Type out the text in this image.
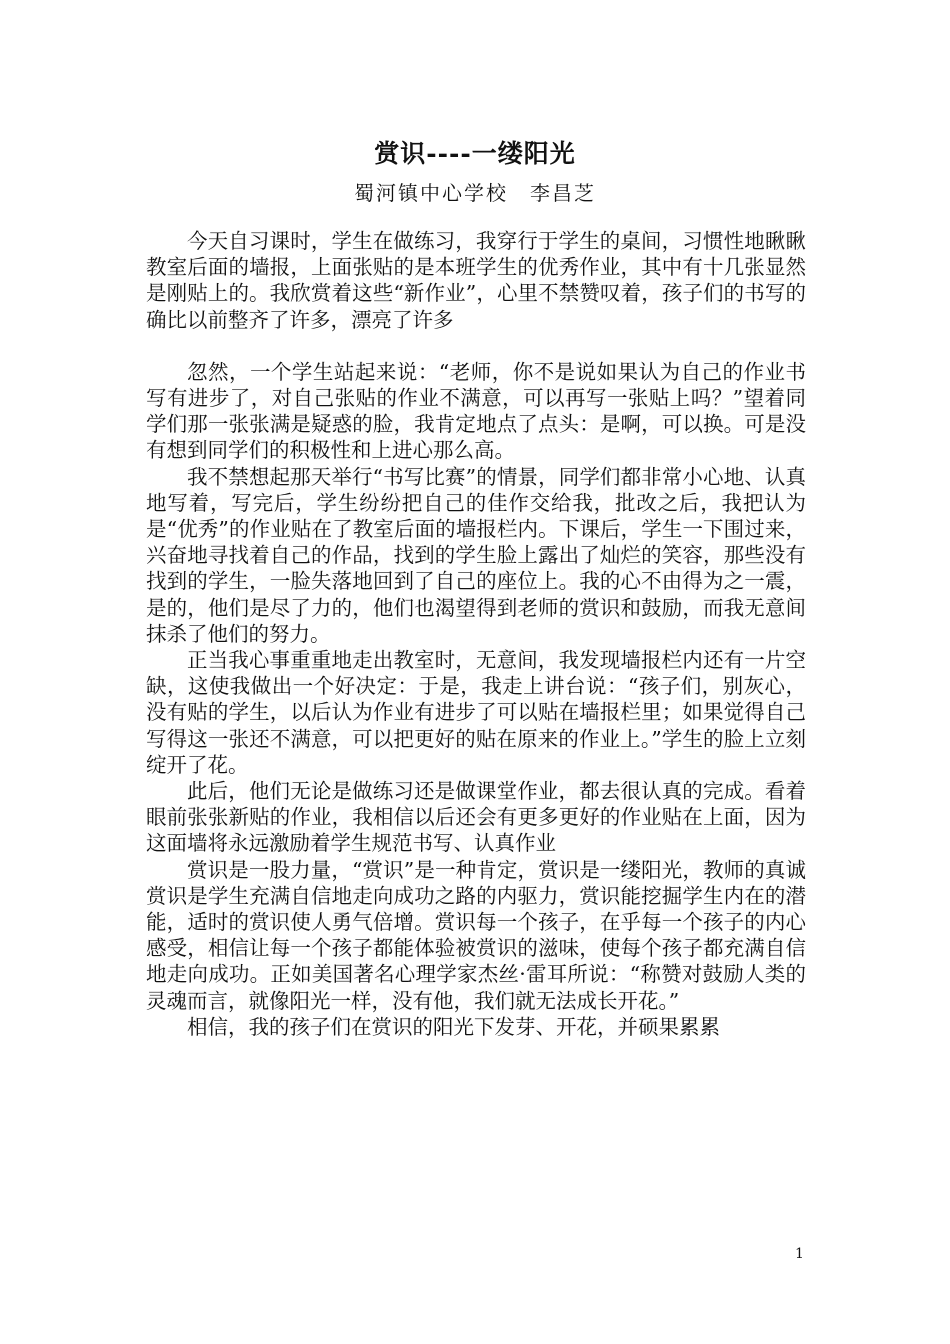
赏识----一缕阳光
蜀河镇中心学校　李昌芝

今天自习课时，学生在做练习，我穿行于学生的桌间，习惯性地瞅瞅教室后面的墙报，上面张贴的是本班学生的优秀作业，其中有十几张显然是刚贴上的。我欣赏着这些“新作业”，心里不禁赞叹着，孩子们的书写的确比以前整齐了许多，漂亮了许多

忽然，一个学生站起来说：“老师，你不是说如果认为自己的作业书写有进步了，对自己张贴的作业不满意，可以再写一张贴上吗？”望着同学们那一张张满是疑惑的脸，我肯定地点了点头：是啊，可以换。可是没有想到同学们的积极性和上进心那么高。

我不禁想起那天举行“书写比赛”的情景，同学们都非常小心地、认真地写着，写完后，学生纷纷把自己的佳作交给我，批改之后，我把认为是“优秀”的作业贴在了教室后面的墙报栏内。下课后，学生一下围过来，兴奋地寻找着自己的作品，找到的学生脸上露出了灿烂的笑容，那些没有找到的学生，一脸失落地回到了自己的座位上。我的心不由得为之一震，是的，他们是尽了力的，他们也渴望得到老师的赏识和鼓励，而我无意间抹杀了他们的努力。

正当我心事重重地走出教室时，无意间，我发现墙报栏内还有一片空缺，这使我做出一个好决定：于是，我走上讲台说：“孩子们，别灰心，没有贴的学生，以后认为作业有进步了可以贴在墙报栏里；如果觉得自己写得这一张还不满意，可以把更好的贴在原来的作业上。”学生的脸上立刻绽开了花。

此后，他们无论是做练习还是做课堂作业，都去很认真的完成。看着眼前张张新贴的作业，我相信以后还会有更多更好的作业贴在上面，因为这面墙将永远激励着学生规范书写、认真作业

赏识是一股力量，“赏识”是一种肯定，赏识是一缕阳光，教师的真诚赏识是学生充满自信地走向成功之路的内驱力，赏识能挖掘学生内在的潜能，适时的赏识使人勇气倍增。赏识每一个孩子，在乎每一个孩子的内心感受，相信让每一个孩子都能体验被赏识的滋味，使每个孩子都充满自信地走向成功。正如美国著名心理学家杰丝·雷耳所说：“称赞对鼓励人类的灵魂而言，就像阳光一样，没有他，我们就无法成长开花。”

相信，我的孩子们在赏识的阳光下发芽、开花，并硕果累累

1
